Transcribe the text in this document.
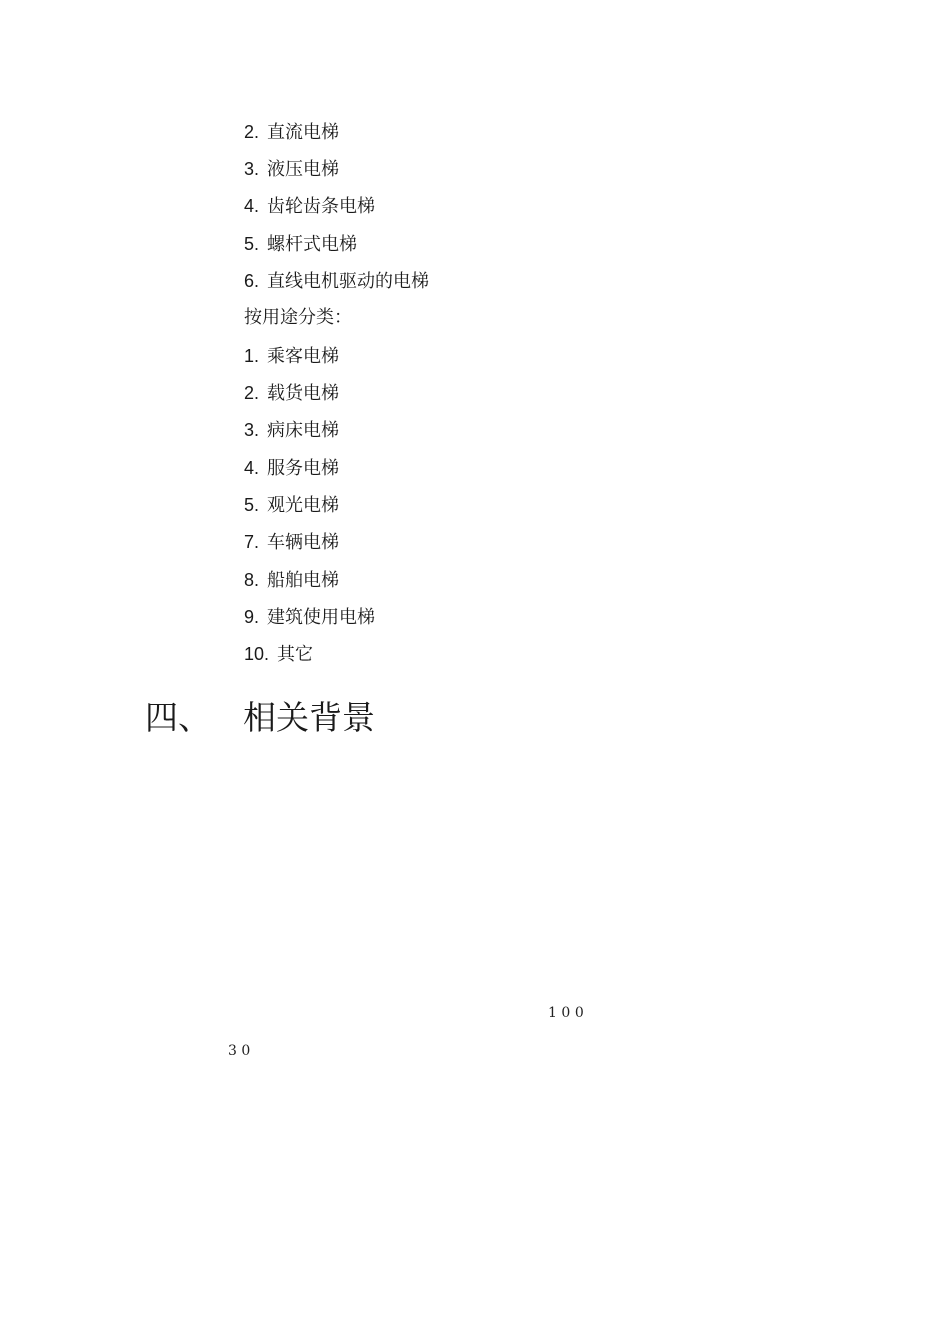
2. 直流电梯
3. 液压电梯
4. 齿轮齿条电梯
5. 螺杆式电梯
6. 直线电机驱动的电梯
按用途分类：
1. 乘客电梯
2. 载货电梯
3. 病床电梯
4. 服务电梯
5. 观光电梯
7. 车辆电梯
8. 船舶电梯
9. 建筑使用电梯
10. 其它
四、 相关背景
100
30
